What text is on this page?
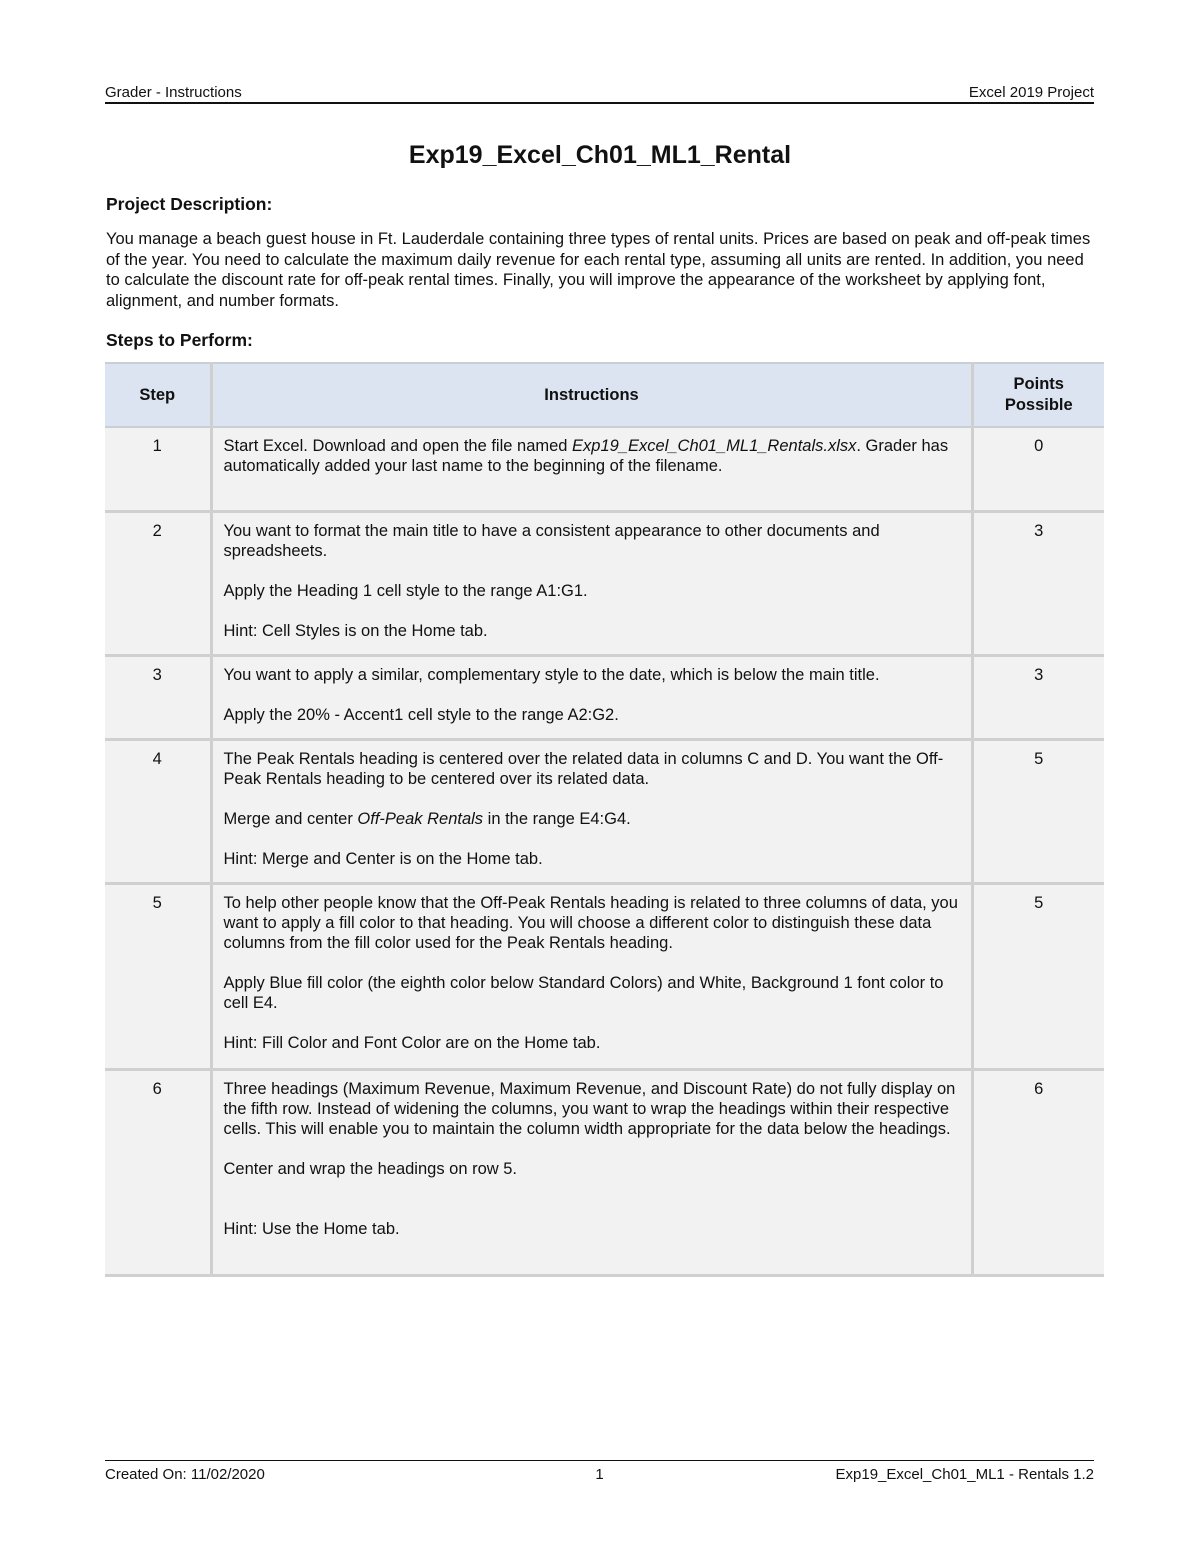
Grader - Instructions	Excel 2019 Project
Exp19_Excel_Ch01_ML1_Rental
Project Description:
You manage a beach guest house in Ft. Lauderdale containing three types of rental units. Prices are based on peak and off-peak times of the year. You need to calculate the maximum daily revenue for each rental type, assuming all units are rented. In addition, you need to calculate the discount rate for off-peak rental times. Finally, you will improve the appearance of the worksheet by applying font, alignment, and number formats.
Steps to Perform:
Step	Instructions	Points Possible
1	Start Excel. Download and open the file named Exp19_Excel_Ch01_ML1_Rentals.xlsx. Grader has automatically added your last name to the beginning of the filename.	0
2	You want to format the main title to have a consistent appearance to other documents and spreadsheets.

Apply the Heading 1 cell style to the range A1:G1.

Hint: Cell Styles is on the Home tab.	3
3	You want to apply a similar, complementary style to the date, which is below the main title.

Apply the 20% - Accent1 cell style to the range A2:G2.	3
4	The Peak Rentals heading is centered over the related data in columns C and D. You want the Off-Peak Rentals heading to be centered over its related data.

Merge and center Off-Peak Rentals in the range E4:G4.

Hint: Merge and Center is on the Home tab.	5
5	To help other people know that the Off-Peak Rentals heading is related to three columns of data, you want to apply a fill color to that heading. You will choose a different color to distinguish these data columns from the fill color used for the Peak Rentals heading.

Apply Blue fill color (the eighth color below Standard Colors) and White, Background 1 font color to cell E4.

Hint: Fill Color and Font Color are on the Home tab.	5
6	Three headings (Maximum Revenue, Maximum Revenue, and Discount Rate) do not fully display on the fifth row. Instead of widening the columns, you want to wrap the headings within their respective cells. This will enable you to maintain the column width appropriate for the data below the headings.

Center and wrap the headings on row 5.

Hint: Use the Home tab.	6
Created On: 11/02/2020	1	Exp19_Excel_Ch01_ML1 - Rentals 1.2
